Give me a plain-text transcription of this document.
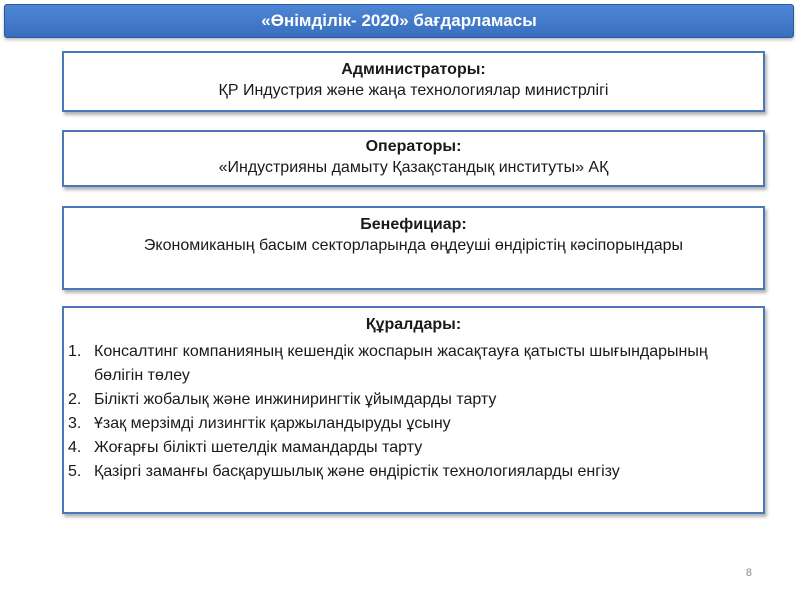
«Өнімділік- 2020» бағдарламасы
Администраторы:
ҚР Индустрия және жаңа технологиялар министрлігі
Операторы:
«Индустрияны дамыту Қазақстандық институты» АҚ
Бенефициар:
Экономиканың басым секторларында өңдеуші өндірістің кәсіпорындары
Құралдары:
1. Консалтинг компанияның кешендік жоспарын жасақтауға қатысты шығындарының бөлігін төлеу
2. Білікті жобалық және инжинирингтік ұйымдарды тарту
3. Ұзақ мерзімді лизингтік қаржыландыруды ұсыну
4. Жоғарғы білікті шетелдік мамандарды тарту
5. Қазіргі заманғы басқарушылық және өндірістік технологияларды енгізу
8
